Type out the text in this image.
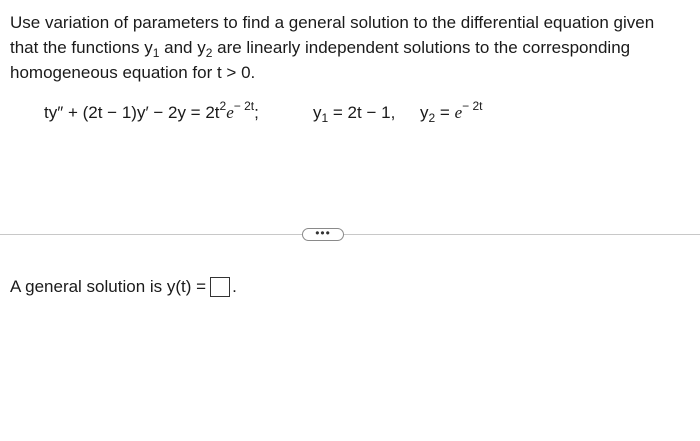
Use variation of parameters to find a general solution to the differential equation given
that the functions $y_1$ and $y_2$ are linearly independent solutions to the corresponding
homogeneous equation for t > 0.
$ty'' + (2t - 1)y' - 2y = 2t^2e^{- 2t}$;	$y_1 = 2t - 1$, $y_2 = e^{- 2t}$
•••
A general solution is y(t) = .
